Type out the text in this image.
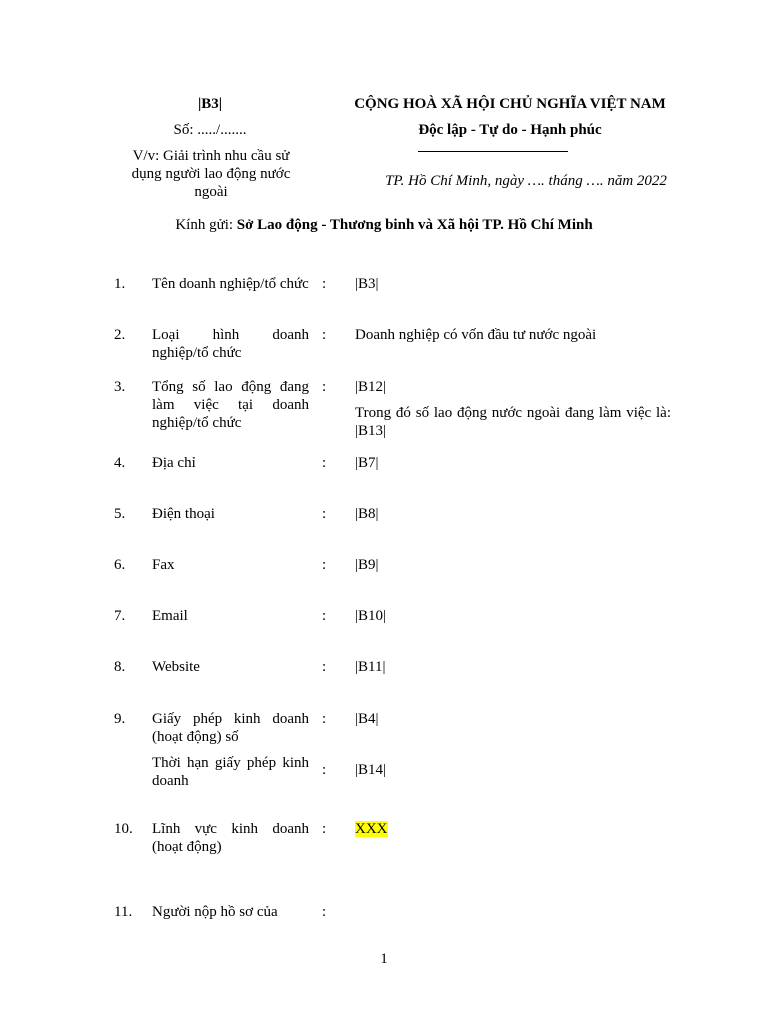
|B3|
Số: ...../.......
V/v: Giải trình nhu cầu sử dụng người lao động nước ngoài
CỘNG HOÀ XÃ HỘI CHỦ NGHĨA VIỆT NAM
Độc lập - Tự do - Hạnh phúc
TP. Hồ Chí Minh, ngày …. tháng …. năm 2022
Kính gửi: Sở Lao động - Thương binh và Xã hội TP. Hồ Chí Minh
1.	Tên doanh nghiệp/tổ chức : |B3|
2.	Loại hình doanh nghiệp/tổ chức
: Doanh nghiệp có vốn đầu tư nước ngoài
3.	Tổng số lao động đang làm việc tại doanh nghiệp/tổ chức
: |B12|
Trong đó số lao động nước ngoài đang làm việc là: |B13|
4.	Địa chỉ	: |B7|
5.	Điện thoại	: |B8|
6.	Fax	: |B9|
7.	Email	: |B10|
8.	Website	: |B11|
9.	Giấy phép kinh doanh (hoạt động) số
: |B4|
Thời hạn giấy phép kinh doanh
: |B14|
10.	Lĩnh vực kinh doanh (hoạt động)
: XXX
11.	Người nộp hồ sơ của	:
1
